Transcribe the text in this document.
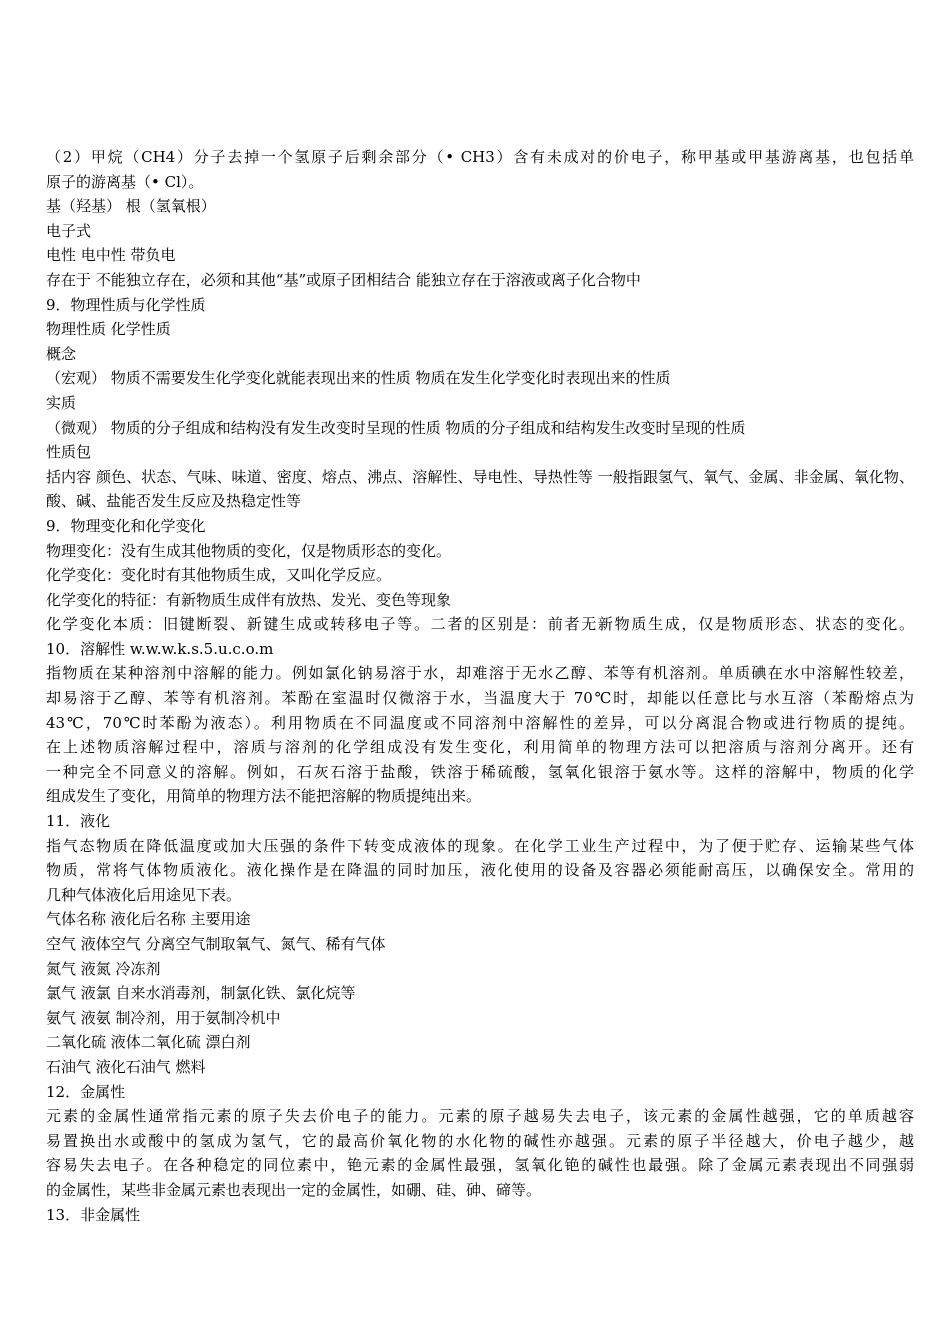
（2）甲烷（CH4）分子去掉一个氢原子后剩余部分（• CH3）含有未成对的价电子，称甲基或甲基游离基，也包括单
原子的游离基（• Cl）。
基（羟基） 根（氢氧根）
电子式
电性 电中性 带负电
存在于 不能独立存在，必须和其他“基”或原子团相结合 能独立存在于溶液或离子化合物中
9．物理性质与化学性质
物理性质 化学性质
概念
（宏观） 物质不需要发生化学变化就能表现出来的性质 物质在发生化学变化时表现出来的性质
实质
（微观） 物质的分子组成和结构没有发生改变时呈现的性质 物质的分子组成和结构发生改变时呈现的性质
性质包
括内容 颜色、状态、气味、味道、密度、熔点、沸点、溶解性、导电性、导热性等 一般指跟氢气、氧气、金属、非金属、氧化物、
酸、碱、盐能否发生反应及热稳定性等
9．物理变化和化学变化
物理变化：没有生成其他物质的变化，仅是物质形态的变化。
化学变化：变化时有其他物质生成，又叫化学反应。
化学变化的特征：有新物质生成伴有放热、发光、变色等现象
化学变化本质：旧键断裂、新键生成或转移电子等。二者的区别是：前者无新物质生成，仅是物质形态、状态的变化。
10．溶解性 w.w.w.k.s.5.u.c.o.m
指物质在某种溶剂中溶解的能力。例如氯化钠易溶于水，却难溶于无水乙醇、苯等有机溶剂。单质碘在水中溶解性较差，
却易溶于乙醇、苯等有机溶剂。苯酚在室温时仅微溶于水，当温度大于 70℃时，却能以任意比与水互溶（苯酚熔点为
43℃，70℃时苯酚为液态）。利用物质在不同温度或不同溶剂中溶解性的差异，可以分离混合物或进行物质的提纯。
在上述物质溶解过程中，溶质与溶剂的化学组成没有发生变化，利用简单的物理方法可以把溶质与溶剂分离开。还有
一种完全不同意义的溶解。例如，石灰石溶于盐酸，铁溶于稀硫酸，氢氧化银溶于氨水等。这样的溶解中，物质的化学
组成发生了变化，用简单的物理方法不能把溶解的物质提纯出来。
11．液化
指气态物质在降低温度或加大压强的条件下转变成液体的现象。在化学工业生产过程中，为了便于贮存、运输某些气体
物质，常将气体物质液化。液化操作是在降温的同时加压，液化使用的设备及容器必须能耐高压，以确保安全。常用的
几种气体液化后用途见下表。
气体名称 液化后名称 主要用途
空气 液体空气 分离空气制取氧气、氮气、稀有气体
氮气 液氮 冷冻剂
氯气 液氯 自来水消毒剂，制氯化铁、氯化烷等
氨气 液氨 制冷剂，用于氨制冷机中
二氧化硫 液体二氧化硫 漂白剂
石油气 液化石油气 燃料
12．金属性
元素的金属性通常指元素的原子失去价电子的能力。元素的原子越易失去电子，该元素的金属性越强，它的单质越容
易置换出水或酸中的氢成为氢气，它的最高价氧化物的水化物的碱性亦越强。元素的原子半径越大，价电子越少，越
容易失去电子。在各种稳定的同位素中，铯元素的金属性最强，氢氧化铯的碱性也最强。除了金属元素表现出不同强弱
的金属性，某些非金属元素也表现出一定的金属性，如硼、硅、砷、碲等。
13．非金属性
